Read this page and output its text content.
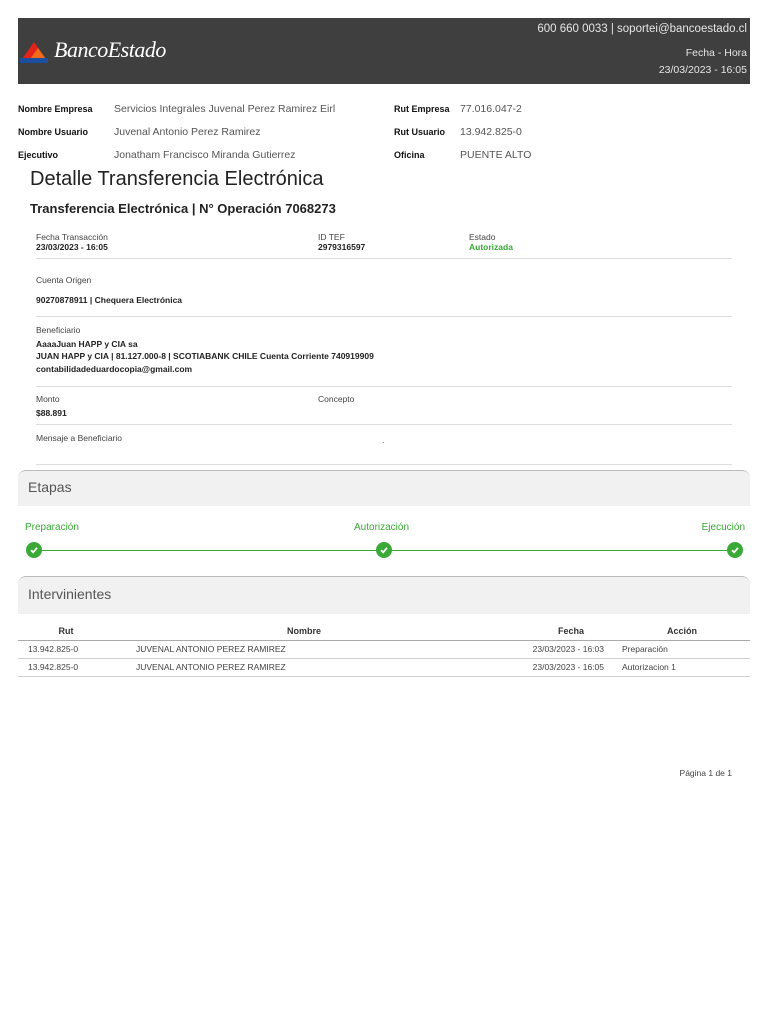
BancoEstado
600 660 0033 | soportei@bancoestado.cl
Fecha - Hora
23/03/2023 - 16:05
Nombre Empresa	Servicios Integrales Juvenal Perez Ramirez Eirl	Rut Empresa 77.016.047-2
Nombre Usuario	Juvenal Antonio Perez Ramirez	Rut Usuario	13.942.825-0
Ejecutivo	Jonatham Francisco Miranda Gutierrez	Oficina	PUENTE ALTO
Detalle Transferencia Electrónica
Transferencia Electrónica | N° Operación 7068273
Fecha Transacción
23/03/2023 - 16:05
ID TEF
2979316597
Estado
Autorizada
Cuenta Origen
90270878911 | Chequera Electrónica
Beneficiario
AaaaJuan HAPP y CIA sa
JUAN HAPP y CIA | 81.127.000-8 | SCOTIABANK CHILE Cuenta Corriente 740919909
contabilidadeduardocopia@gmail.com
Monto
$88.891
Concepto
Mensaje a Beneficiario	.
Etapas
Preparación	Autorización	Ejecución
Intervinientes
Rut	Nombre	Fecha	Acción
13.942.825-0	JUVENAL ANTONIO PEREZ RAMIREZ	23/03/2023 - 16:03	Preparación
13.942.825-0	JUVENAL ANTONIO PEREZ RAMIREZ	23/03/2023 - 16:05	Autorizacion 1
Página 1 de 1
